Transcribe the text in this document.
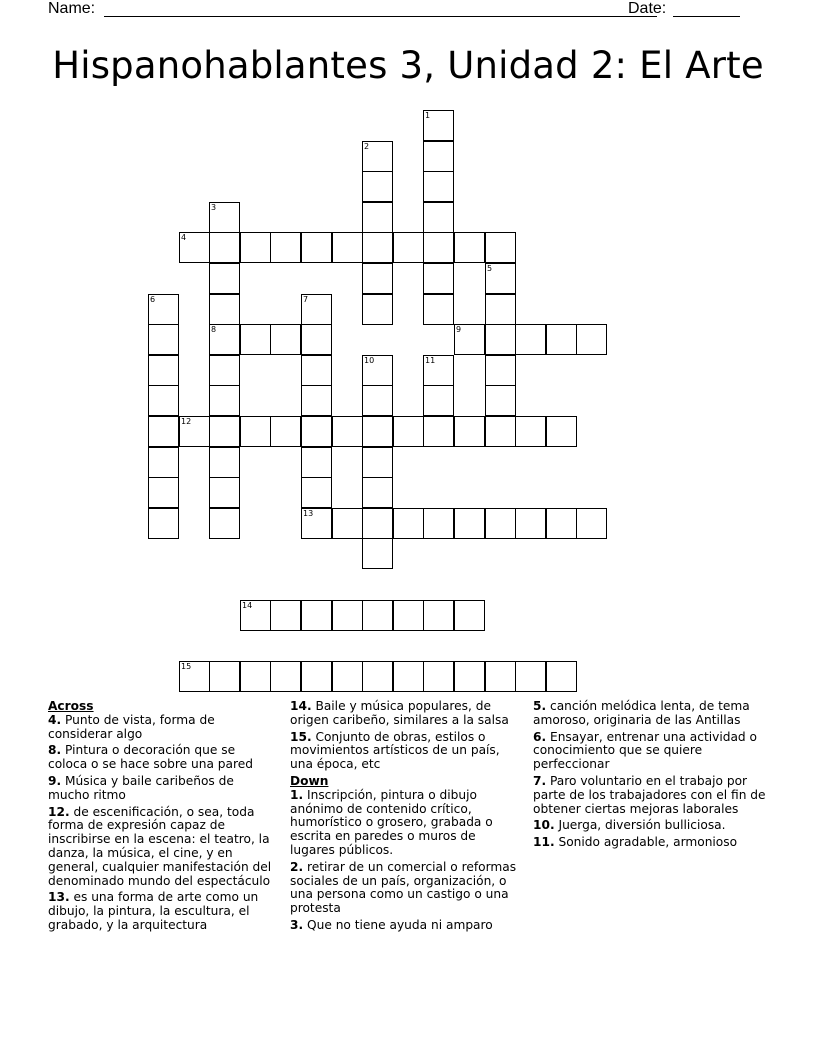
Name:	Date:
Hispanohablantes 3, Unidad 2: El Arte
1
2
3
8
4
5
6	7
13
9
10	11
12
14
15
Across
4. Punto de vista, forma de considerar algo
8. Pintura o decoración que se coloca o se hace sobre una pared
9. Música y baile caribeños de mucho ritmo
12. de escenificación, o sea, toda forma de expresión capaz de inscribirse en la escena: el teatro, la danza, la música, el cine, y en general, cualquier manifestación del denominado mundo del espectáculo
13. es una forma de arte como un dibujo, la pintura, la escultura, el grabado, y la arquitectura
14. Baile y música populares, de origen caribeño, similares a la salsa
15. Conjunto de obras, estilos o movimientos artísticos de un país, una época, etc
Down
1. Inscripción, pintura o dibujo anónimo de contenido crítico, humorístico o grosero, grabada o escrita en paredes o muros de lugares públicos.
2. retirar de un comercial o reformas sociales de un país, organización, o una persona como un castigo o una protesta
3. Que no tiene ayuda ni amparo
5. canción melódica lenta, de tema amoroso, originaria de las Antillas
6. Ensayar, entrenar una actividad o conocimiento que se quiere perfeccionar
7. Paro voluntario en el trabajo por parte de los trabajadores con el fin de obtener ciertas mejoras laborales
10. Juerga, diversión bulliciosa.
11. Sonido agradable, armonioso
